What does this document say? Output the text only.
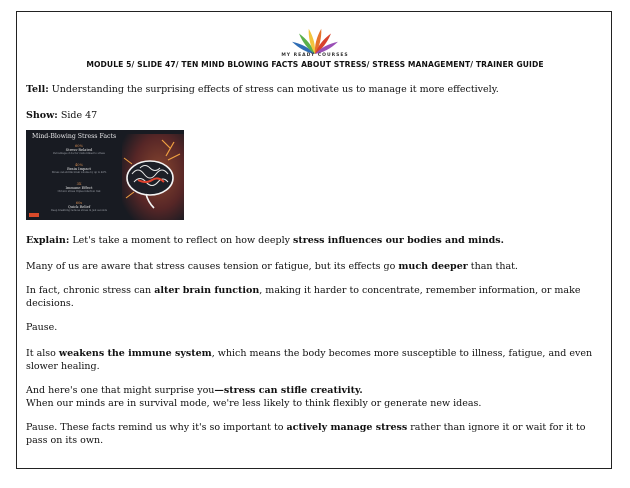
MY READY COURSES
MODULE 5/ SLIDE 47/ TEN MIND BLOWING FACTS ABOUT STRESS/ STRESS MANAGEMENT/ TRAINER GUIDE
Tell: Understanding the surprising effects of stress can motivate us to manage it more effectively.
Show: Side 47
Mind-Blowing Stress Facts
60%
Stress-Related
Percentage of doctor visits linked to stress
40%
Brain Impact
Stress can shrink brain volume by up to 40%
3X
Immune Effect
Chronic stress triples infection risk
60s
Quick Relief
Deep breathing reduces stress in just seconds
Explain: Let's take a moment to reflect on how deeply stress influences our bodies and minds.
Many of us are aware that stress causes tension or fatigue, but its effects go much deeper than that.
In fact, chronic stress can alter brain function, making it harder to concentrate, remember information, or make decisions.
Pause.
It also weakens the immune system, which means the body becomes more susceptible to illness, fatigue, and even slower healing.
And here's one that might surprise you—stress can stifle creativity.
When our minds are in survival mode, we're less likely to think flexibly or generate new ideas.
Pause. These facts remind us why it's so important to actively manage stress rather than ignore it or wait for it to pass on its own.
